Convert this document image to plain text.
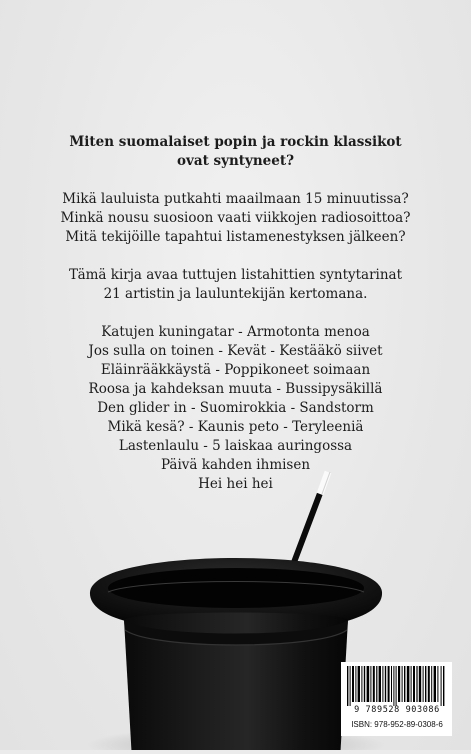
Miten suomalaiset popin ja rockin klassikot ovat syntyneet?

Mikä lauluista putkahti maailmaan 15 minuutissa? Minkä nousu suosioon vaati viikkojen radiosoittoa? Mitä tekijöille tapahtui listamenestyksen jälkeen?

Tämä kirja avaa tuttujen listahittien syntytarinat 21 artistin ja lauluntekijän kertomana.

Katujen kuningatar - Armotonta menoa
Jos sulla on toinen - Kevät - Kestääkö siivet
Eläinrääkkäystä - Poppikoneet soimaan
Roosa ja kahdeksan muuta - Bussipysäkillä
Den glider in - Suomirokkia - Sandstorm
Mikä kesä? - Kaunis peto - Teryleeniä
Lastenlaulu - 5 laiskaa auringossa
Päivä kahden ihmisen
Hei hei hei
9 789528 903086
ISBN: 978-952-89-0308-6
